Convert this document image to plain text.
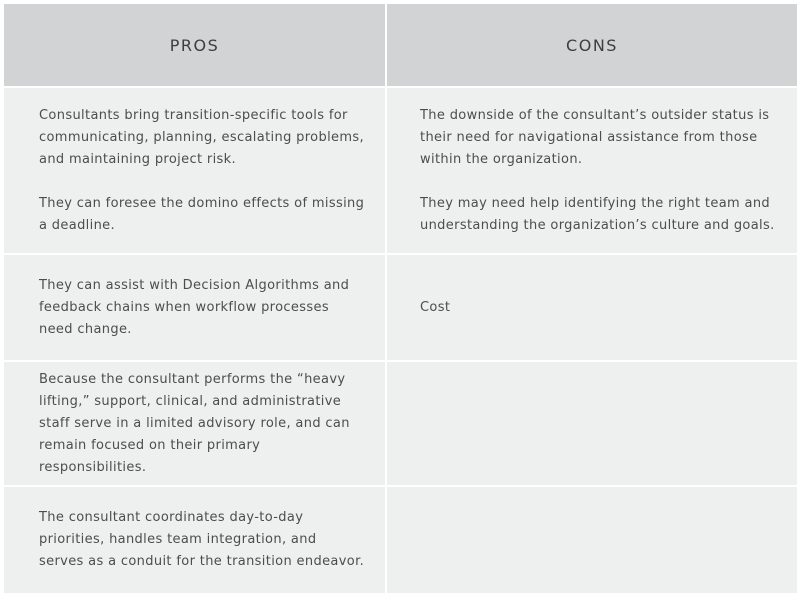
PROS	CONS

Consultants bring transition-specific tools for communicating, planning, escalating problems, and maintaining project risk.

They can foresee the domino effects of missing a deadline.

The downside of the consultant’s outsider status is their need for navigational assistance from those within the organization.

They may need help identifying the right team and understanding the organization’s culture and goals.

They can assist with Decision Algorithms and feedback chains when workflow processes need change.

Cost

Because the consultant performs the “heavy lifting,” support, clinical, and administrative staff serve in a limited advisory role, and can remain focused on their primary responsibilities.

The consultant coordinates day-to-day priorities, handles team integration, and serves as a conduit for the transition endeavor.
